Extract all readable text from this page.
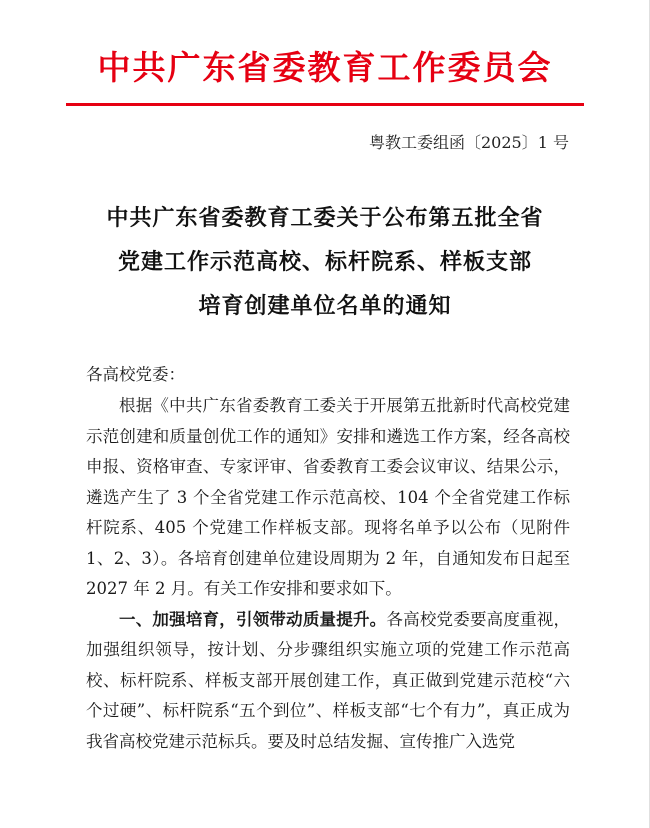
中共广东省委教育工作委员会
粤教工委组函〔2025〕1 号
中共广东省委教育工委关于公布第五批全省
党建工作示范高校、标杆院系、样板支部
培育创建单位名单的通知
各高校党委：

根据《中共广东省委教育工委关于开展第五批新时代高校党建示范创建和质量创优工作的通知》安排和遴选工作方案，经各高校申报、资格审查、专家评审、省委教育工委会议审议、结果公示，遴选产生了 3 个全省党建工作示范高校、104 个全省党建工作标杆院系、405 个党建工作样板支部。现将名单予以公布（见附件 1、2、3）。各培育创建单位建设周期为 2 年，自通知发布日起至 2027 年 2 月。有关工作安排和要求如下。

一、加强培育，引领带动质量提升。各高校党委要高度重视，加强组织领导，按计划、分步骤组织实施立项的党建工作示范高校、标杆院系、样板支部开展创建工作，真正做到党建示范校“六个过硬”、标杆院系“五个到位”、样板支部“七个有力”，真正成为我省高校党建示范标兵。要及时总结发掘、宣传推广入选党
